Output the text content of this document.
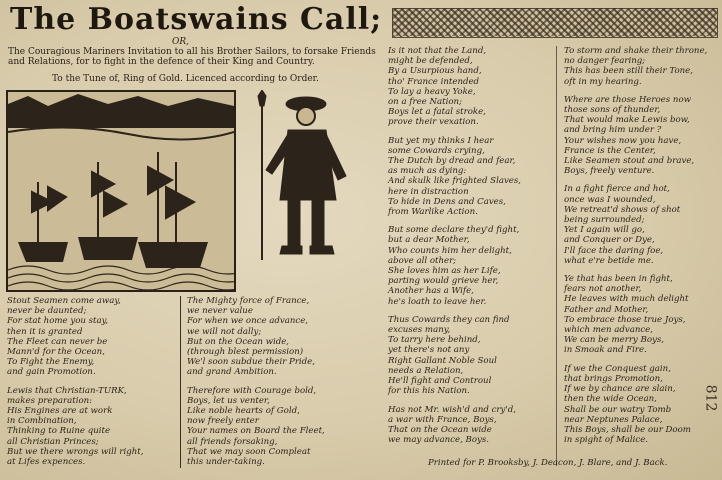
The Boatswains Call;
OR,
The Couragious Mariners Invitation to all his Brother Sailors, to forsake Friends and Relations, for to fight in the defence of their King and Country.
To the Tune of, Ring of Gold. Licenced according to Order.
Stout Seamen come away,
never be daunted;
For stat home you stay,
then it is granted
The Fleet can never be
Mann'd for the Ocean,
To Fight the Enemy,
and gain Promotion.
Lewis that Christian-TURK,
makes preparation:
His Engines are at work
in Combination,
Thinking to Ruine quite
all Christian Princes;
But we there wrongs will right,
at Lifes expences.
The Mighty force of France,
we never value
For when we once advance,
we will not dally;
But on the Ocean wide,
(through blest permission)
We'l soon subdue their Pride,
and grand Ambition.
Therefore with Courage bold,
Boys, let us venter,
Like noble hearts of Gold,
now freely enter
Your names on Board the Fleet,
all friends forsaking,
That we may soon Compleat
this under-taking.
Is it not that the Land,
might be defended,
By a Usurpious hand,
tho' France intended
To lay a heavy Yoke,
on a free Nation;
Boys let a fatal stroke,
prove their vexation.
But yet my thinks I hear
some Cowards crying,
The Dutch by dread and fear,
as much as dying:
And skulk like frighted Slaves,
here in distraction
To hide in Dens and Caves,
from Warlike Action.
But some declare they'd fight,
but a dear Mother,
Who counts him her delight,
above all other;
She loves him as her Life,
parting would grieve her,
Another has a Wife,
he's loath to leave her.
Thus Cowards they can find
excuses many,
To tarry here behind,
yet there's not any
Right Gallant Noble Soul
needs a Relation,
He'll fight and Controul
for this his Nation.
Has not Mr. wish'd and cry'd,
a war with France, Boys,
That on the Ocean wide
we may advance, Boys.
To storm and shake their throne,
no danger fearing;
This has been still their Tone,
oft in my hearing.
Where are those Heroes now
those sons of thunder,
That would make Lewis bow,
and bring him under ?
Your wishes now you have,
France is the Center,
Like Seamen stout and brave,
Boys, freely venture.
In a fight fierce and hot,
once was I wounded,
We retreat'd shows of shot
being surrounded;
Yet I again will go,
and Conquer or Dye,
I'll face the daring foe,
what e're betide me.
Ye that has been in fight,
fears not another,
He leaves with much delight
Father and Mother,
To embrace those true Joys,
which men advance,
We can be merry Boys,
in Smoak and Fire.
If we the Conquest gain,
that brings Promotion,
If we by chance are slain,
then the wide Ocean,
Shall be our watry Tomb
near Neptunes Palace,
This Boys, shall be our Doom
in spight of Malice.
Printed for P. Brooksby, J. Deacon, J. Blare, and J. Back.
812
